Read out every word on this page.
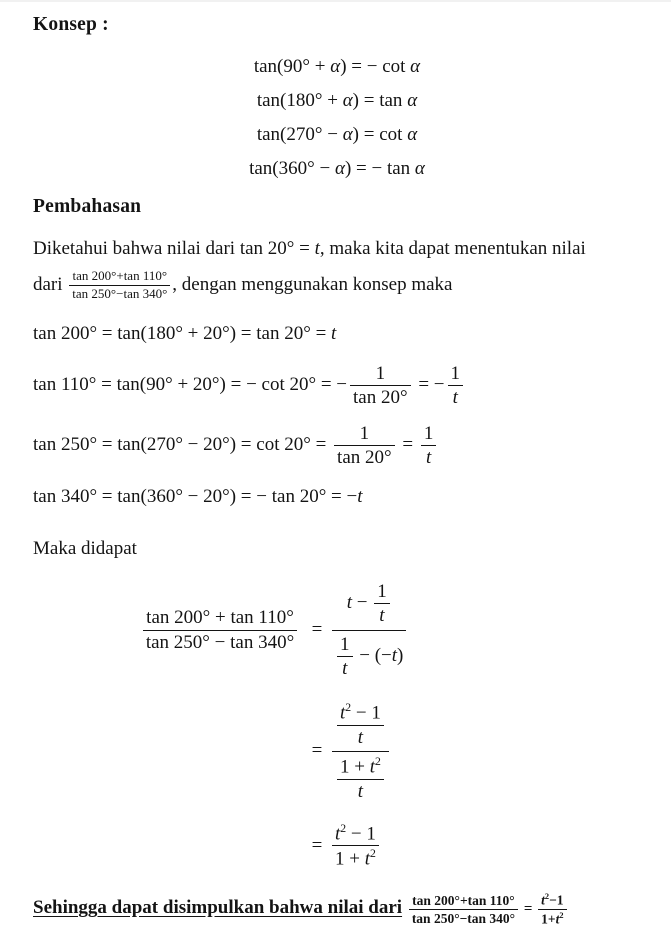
Konsep :
tan(90° + α) = − cot α
tan(180° + α) = tan α
tan(270° − α) = cot α
tan(360° − α) = − tan α
Pembahasan
Diketahui bahwa nilai dari tan 20° = t, maka kita dapat menentukan nilai
dari $\frac{\tan 200^\circ+\tan 110^\circ}{\tan 250^\circ-\tan 340^\circ}$ , dengan menggunakan konsep maka
tan 200° = tan(180° + 20°) = tan 20° = t
tan 110° = tan(90° + 20°) = − cot 20° = − $\frac{1}{\tan 20^\circ}$ = − $\frac{1}{t}$
$\tan 250^\circ = \tan(270^\circ - 20^\circ) = \cot 20^\circ = \frac{1}{\tan 20^\circ} = \frac{1}{t}$
tan 340° = tan(360° − 20°) = − tan 20° = −t
Maka didapat
$\frac{\tan 200^\circ + \tan 110^\circ}{\tan 250^\circ - \tan 340^\circ} = \frac{t - \frac{1}{t}}{\frac{1}{t} - (-t)}$
= $\frac{\frac{t^2 - 1}{t}}{\frac{1 + t^2}{t}}$
= $\frac{t^2 - 1}{1 + t^2}$
Sehingga dapat disimpulkan bahwa nilai dari $\frac{\tan 200^\circ+\tan 110^\circ}{\tan 250^\circ-\tan 340^\circ} = \frac{t^2-1}{1+t^2}$
